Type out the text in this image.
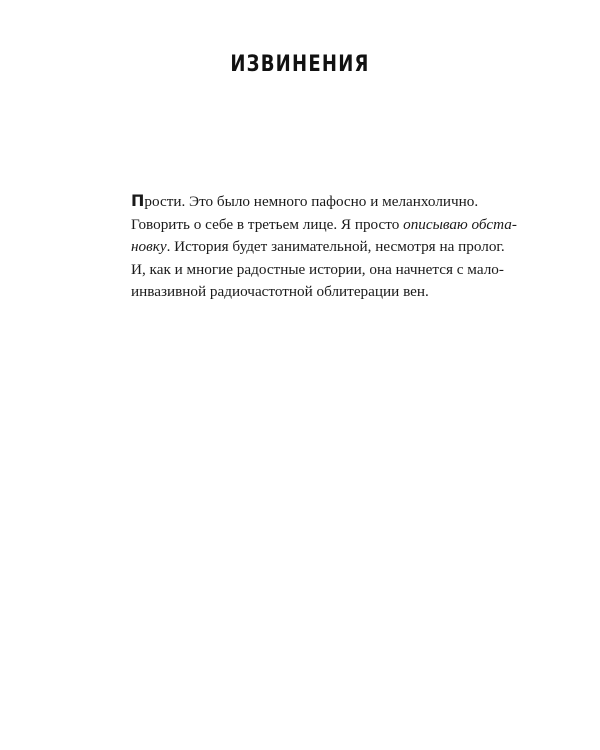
ИЗВИНЕНИЯ
Прости. Это было немного пафосно и меланхолично.
Говорить о себе в третьем лице. Я просто описываю обста-
новку. История будет занимательной, несмотря на пролог.
И, как и многие радостные истории, она начнется с мало-
инвазивной радиочастотной облитерации вен.
